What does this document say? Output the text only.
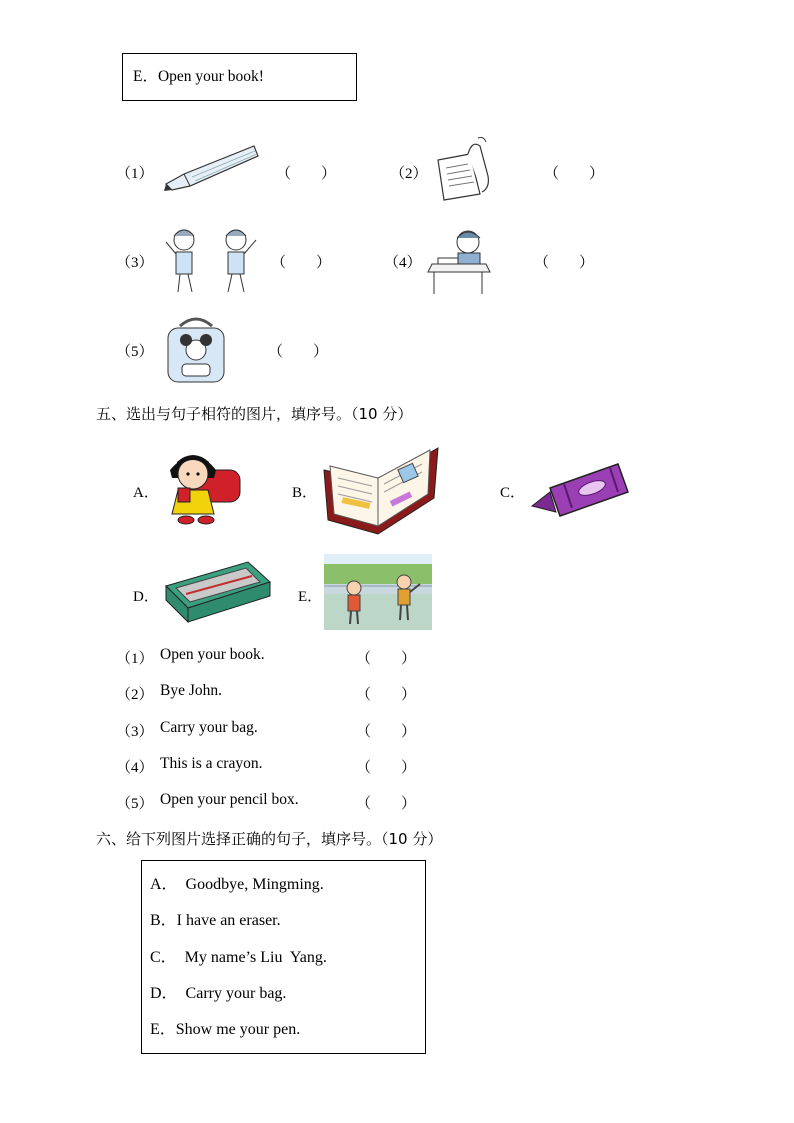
E．Open your book!
（1）	（        ）	（2）	（        ）
（3）	（        ）	（4）	（        ）
（5）	（        ）
五、选出与句子相符的图片，填序号。（10 分）
A．	B．	C．
D．	E．
（1） Open your book.	（        ）
（2） Bye John.	（        ）
（3） Carry your bag.	（        ）
（4） This is a crayon.	（        ）
（5） Open your pencil box.	（        ）
六、给下列图片选择正确的句子，填序号。（10 分）
A．  Goodbye, Mingming.
B．I have an eraser.
C．  My name’s Liu  Yang.
D．  Carry your bag.
E．Show me your pen.
